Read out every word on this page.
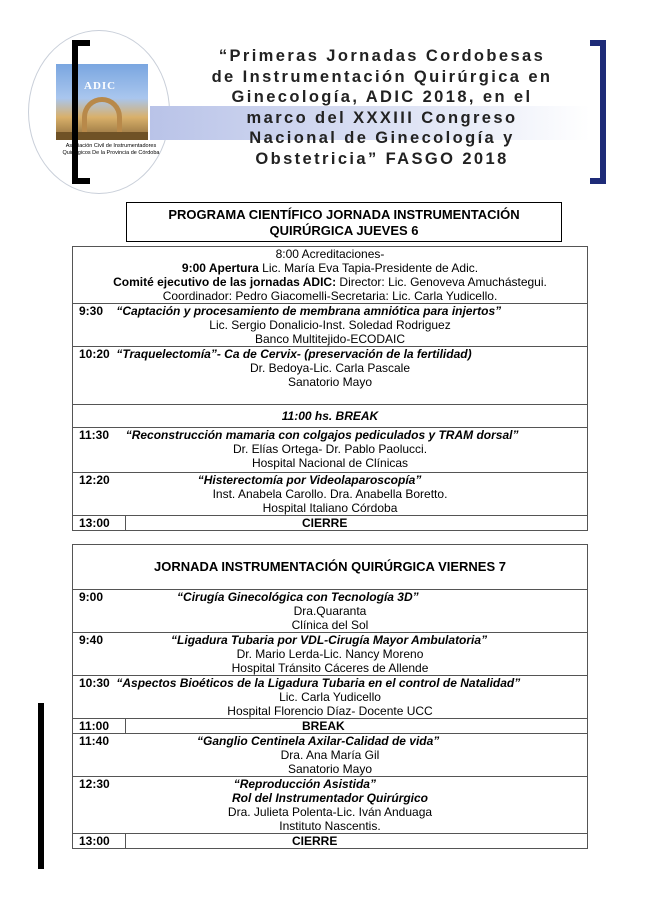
ADIC
Asociación Civil de Instrumentadores Quirúrgicos De la Provincia de Córdoba
“Primeras Jornadas Cordobesas
de Instrumentación Quirúrgica en
Ginecología, ADIC 2018, en el
marco del XXXIII Congreso
Nacional de Ginecología y
Obstetricia” FASGO 2018
PROGRAMA CIENTÍFICO JORNADA INSTRUMENTACIÓN
QUIRÚRGICA JUEVES 6
8:00 Acreditaciones-
9:00 Apertura Lic. María Eva Tapia-Presidente de Adic.
Comité ejecutivo de las jornadas ADIC: Director: Lic. Genoveva Amuchástegui.
Coordinador: Pedro Giacomelli-Secretaria: Lic. Carla Yudicello.

9:30 “Captación y procesamiento de membrana amniótica para injertos”
Lic. Sergio Donalicio-Inst. Soledad Rodriguez
Banco Multitejido-ECODAIC

10:20 “Traquelectomía”- Ca de Cervix- (preservación de la fertilidad)
Dr. Bedoya-Lic. Carla Pascale
Sanatorio Mayo

11:00 hs. BREAK

11:30 “Reconstrucción mamaria con colgajos pediculados y TRAM dorsal”
Dr. Elías Ortega- Dr. Pablo Paolucci.
Hospital Nacional de Clínicas

12:20	“Histerectomía por Videolaparoscopía”
Inst. Anabela Carollo. Dra. Anabella Boretto.
Hospital Italiano Córdoba

13:00	CIERRE
JORNADA INSTRUMENTACIÓN QUIRÚRGICA VIERNES 7	

9:00 “Cirugía Ginecológica con Tecnología 3D”
Dra.Quaranta
Clínica del Sol	

9:40 “Ligadura Tubaria por VDL-Cirugía Mayor Ambulatoria”
Dr. Mario Lerda-Lic. Nancy Moreno
Hospital Tránsito Cáceres de Allende	

10:30 “Aspectos Bioéticos de la Ligadura Tubaria en el control de Natalidad”
Lic. Carla Yudicello
Hospital Florencio Díaz- Docente UCC	

11:00	BREAK

11:40 “Ganglio Centinela Axilar-Calidad de vida”
Dra. Ana María Gil
Sanatorio Mayo	

12:30 “Reproducción Asistida”
Rol del Instrumentador Quirúrgico
Dra. Julieta Polenta-Lic. Iván Anduaga
Instituto Nascentis.	

13:00	CIERRE
